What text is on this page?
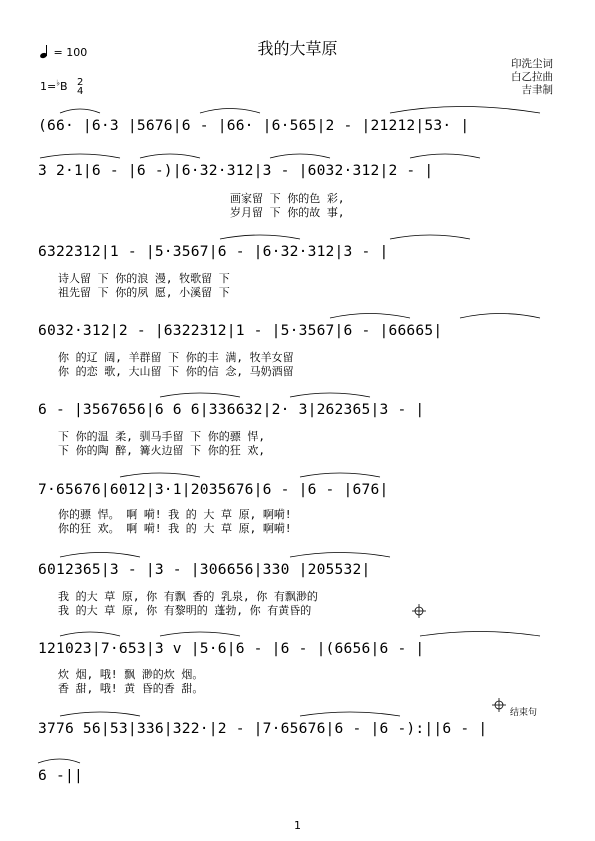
我的大草原
= 100
1=♭B 2
4
印洗尘词
白乙拉曲
吉聿制
(66· |6·3 |5676|6 - |66· |6·565|2 - |21212|53· |
3 2·1|6 - |6 -)|6·32·312|3 - |6032·312|2 - |
画家留 下 你的色 彩,
岁月留 下 你的故 事,
6322312|1 - |5·3567|6 - |6·32·312|3 - |
诗人留 下 你的浪 漫, 牧歌留 下
祖先留 下 你的夙 愿, 小溪留 下
6032·312|2 - |6322312|1 - |5·3567|6 - |66665|
你 的辽 阔, 羊群留 下 你的丰 满, 牧羊女留
你 的恋 歌, 大山留 下 你的信 念, 马奶酒留
6 - |3567656|6 6 6|336632|2· 3|262365|3 - |
下 你的温 柔, 驯马手留 下 你的骠 悍,
下 你的陶 醉, 篝火边留 下 你的狂 欢,
7·65676|6012|3·1|2035676|6 - |6 - |676|
你的骠 悍。 啊 嗬! 我 的 大 草 原, 啊嗬!
你的狂 欢。 啊 嗬! 我 的 大 草 原, 啊嗬!
6012365|3 - |3 - |306656|330 |205532|
我 的大 草 原, 你 有飘 香的 乳泉, 你 有飘渺的
我 的大 草 原, 你 有黎明的 蓬勃, 你 有黄昏的
121023|7·653|3 v |5·6|6 - |6 - |(6656|6 - |
炊 烟, 哦! 飘 渺的炊 烟。
香 甜, 哦! 黄 昏的香 甜。
结束句
3776 56|53|336|322·|2 - |7·65676|6 - |6 -):||6 - |
6 -||
1
